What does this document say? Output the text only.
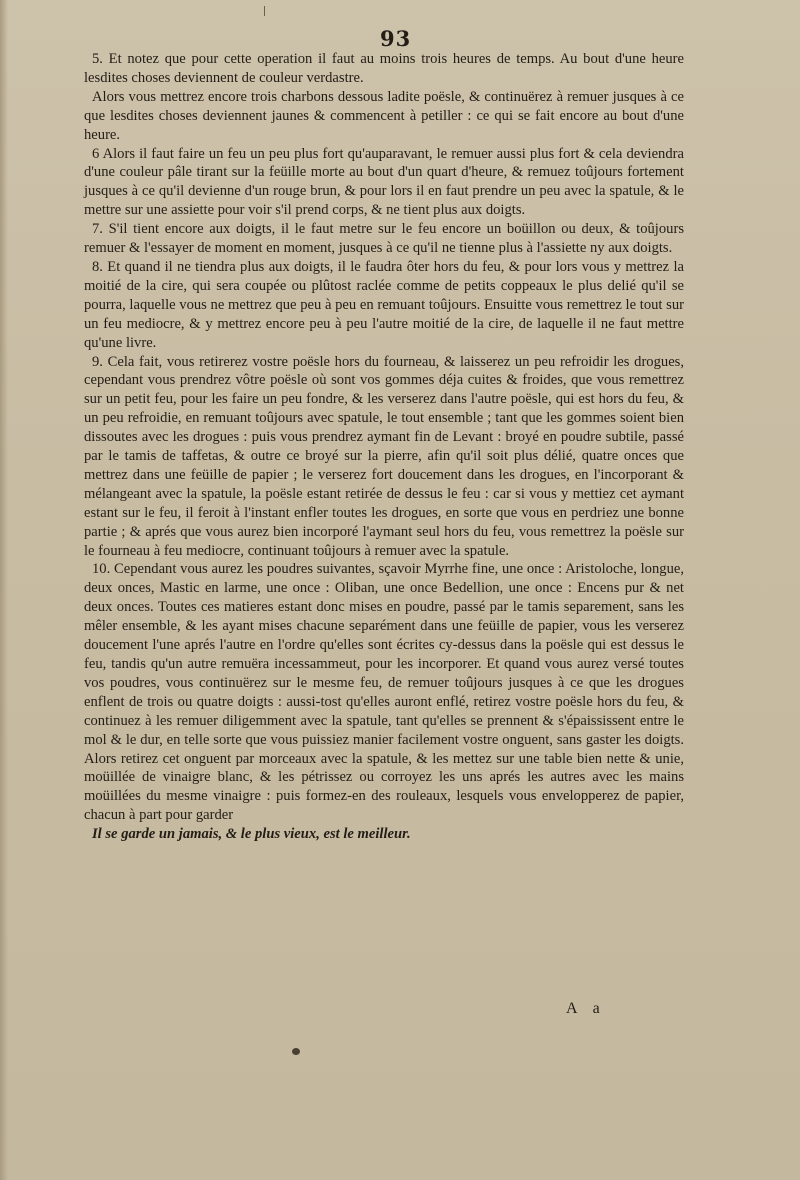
93

5. Et notez que pour cette operation il faut au moins trois heures de temps. Au bout d'une heure lesdites choses deviennent de couleur verdastre.

Alors vous mettrez encore trois charbons dessous ladite poësle, & continuërez à remuer jusques à ce que lesdites choses deviennent jaunes & commencent à petiller : ce qui se fait encore au bout d'une heure.

6 Alors il faut faire un feu un peu plus fort qu'auparavant, le remuer aussi plus fort & cela deviendra d'une couleur pâle tirant sur la feüille morte au bout d'un quart d'heure, & remuez toûjours fortement jusques à ce qu'il devienne d'un rouge brun, & pour lors il en faut prendre un peu avec la spatule, & le mettre sur une assiette pour voir s'il prend corps, & ne tient plus aux doigts.

7. S'il tient encore aux doigts, il le faut metre sur le feu encore un boüillon ou deux, & toûjours remuer & l'essayer de moment en moment, jusques à ce qu'il ne tienne plus à l'assiette ny aux doigts.

8. Et quand il ne tiendra plus aux doigts, il le faudra ôter hors du feu, & pour lors vous y mettrez la moitié de la cire, qui sera coupée ou plûtost raclée comme de petits coppeaux le plus delié qu'il se pourra, laquelle vous ne mettrez que peu à peu en remuant toûjours. Ensuitte vous remettrez le tout sur un feu mediocre, & y mettrez encore peu à peu l'autre moitié de la cire, de laquelle il ne faut mettre qu'une livre.

9. Cela fait, vous retirerez vostre poësle hors du fourneau, & laisserez un peu refroidir les drogues, cependant vous prendrez vôtre poësle où sont vos gommes déja cuites & froides, que vous remettrez sur un petit feu, pour les faire un peu fondre, & les verserez dans l'autre poësle, qui est hors du feu, & un peu refroidie, en remuant toûjours avec spatule, le tout ensemble ; tant que les gommes soient bien dissoutes avec les drogues : puis vous prendrez aymant fin de Levant : broyé en poudre subtile, passé par le tamis de taffetas, & outre ce broyé sur la pierre, afin qu'il soit plus délié, quatre onces que mettrez dans une feüille de papier ; le verserez fort doucement dans les drogues, en l'incorporant & mélangeant avec la spatule, la poësle estant retirée de dessus le feu : car si vous y mettiez cet aymant estant sur le feu, il feroit à l'instant enfler toutes les drogues, en sorte que vous en perdriez une bonne partie ; & aprés que vous aurez bien incorporé l'aymant seul hors du feu, vous remettrez la poësle sur le fourneau à feu mediocre, continuant toûjours à remuer avec la spatule.

10. Cependant vous aurez les poudres suivantes, sçavoir Myrrhe fine, une once : Aristoloche, longue, deux onces, Mastic en larme, une once : Oliban, une once Bedellion, une once : Encens pur & net deux onces. Toutes ces matieres estant donc mises en poudre, passé par le tamis separement, sans les mêler ensemble, & les ayant mises chacune separément dans une feüille de papier, vous les verserez doucement l'une aprés l'autre en l'ordre qu'elles sont écrites cy-dessus dans la poësle qui est dessus le feu, tandis qu'un autre remuëra incessammeut, pour les incorporer. Et quand vous aurez versé toutes vos poudres, vous continuërez sur le mesme feu, de remuer toûjours jusques à ce que les drogues enflent de trois ou quatre doigts : aussi-tost qu'elles auront enflé, retirez vostre poësle hors du feu, & continuez à les remuer diligemment avec la spatule, tant qu'elles se prennent & s'épaississent entre le mol & le dur, en telle sorte que vous puissiez manier facilement vostre onguent, sans gaster les doigts. Alors retirez cet onguent par morceaux avec la spatule, & les mettez sur une table bien nette & unie, moüillée de vinaigre blanc, & les pétrissez ou corroyez les uns aprés les autres avec les mains moüillées du mesme vinaigre : puis formez-en des rouleaux, lesquels vous envelopperez de papier, chacun à part pour garder

Il se garde un jamais, & le plus vieux, est le meilleur.

A a
